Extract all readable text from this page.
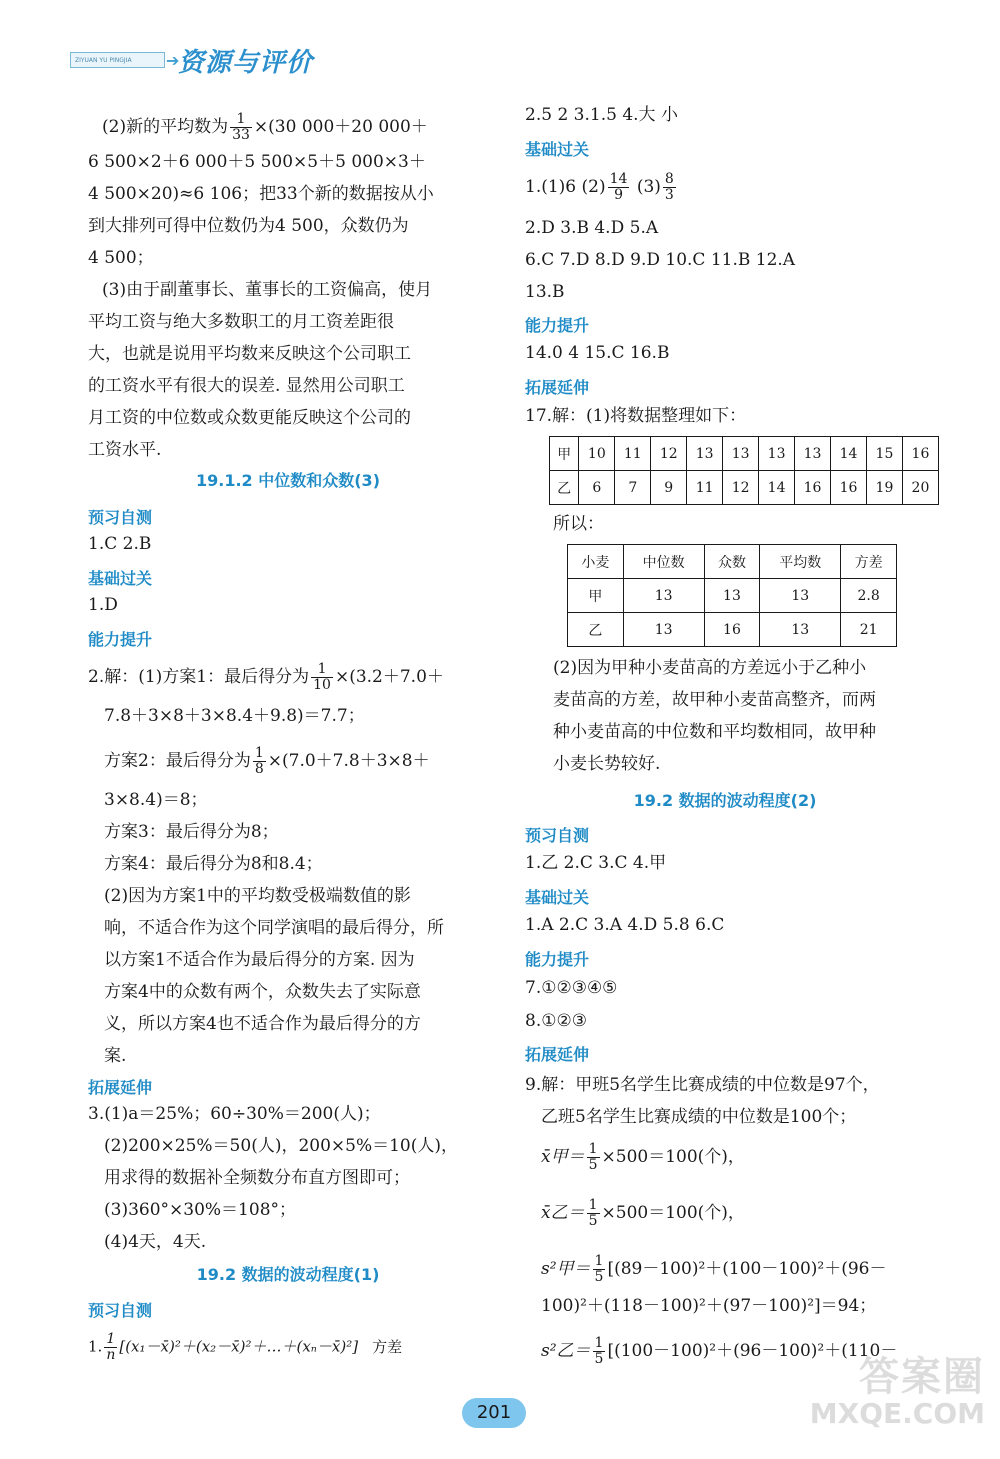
ZIYUAN YU PINGJIA	➔
资源与评价
(2)新的平均数为 $\frac{1}{33} \times(30$ 000＋20 000＋
6 500×2＋6 000＋5 500×5＋5 000×3＋
4 500×20)≈6 106；把33个新的数据按从小
到大排列可得中位数仍为4 500，众数仍为
4 500；
(3)由于副董事长、董事长的工资偏高，使月
平均工资与绝大多数职工的月工资差距很
大，也就是说用平均数来反映这个公司职工
的工资水平有很大的误差. 显然用公司职工
月工资的中位数或众数更能反映这个公司的
工资水平.
19.1.2 中位数和众数(3)
预习自测
1.C 2.B
基础过关
1.D
能力提升
2.解：(1)方案1：最后得分为 $\frac{1}{10} \times(3.2+7.0+$
7.8＋3×8＋3×8.4＋9.8)＝7.7；
方案2：最后得分为 $\frac{1}{8} \times(7.0+7.8+3\times 8+$
3×8.4)＝8；
方案3：最后得分为8；
方案4：最后得分为8和8.4；
(2)因为方案1中的平均数受极端数值的影
响，不适合作为这个同学演唱的最后得分，所
以方案1不适合作为最后得分的方案. 因为
方案4中的众数有两个，众数失去了实际意
义，所以方案4也不适合作为最后得分的方
案.
拓展延伸
3.(1)a＝25%；60÷30%＝200(人)；
(2)200×25%＝50(人)，200×5%＝10(人)，
用求得的数据补全频数分布直方图即可；
(3)360°×30%＝108°；
(4)4天，4天.
19.2 数据的波动程度(1)
预习自测
1. $\frac{1}{n}$ [(x₁－x̄)²＋(x₂－x̄)²＋…＋(xₙ－x̄)²] 方差
2.5 2 3.1.5 4.大 小
基础过关
1.(1)6 $(2) \frac{14}{9} (3) \frac{8}{3}$
2.D 3.B 4.D 5.A
6.C 7.D 8.D 9.D 10.C 11.B 12.A
13.B
能力提升
14.0 4 15.C 16.B
拓展延伸
17.解：(1)将数据整理如下：
甲	10	11	12	13	13	13	13	14	15	16
乙	6	7	9	11	12	14	16	16	19	20
所以：
小麦	中位数	众数	平均数	方差
甲	13	13	13	2.8
乙	13	16	13	21
(2)因为甲种小麦苗高的方差远小于乙种小
麦苗高的方差，故甲种小麦苗高整齐，而两
种小麦苗高的中位数和平均数相同，故甲种
小麦长势较好.
19.2 数据的波动程度(2)
预习自测
1.乙 2.C 3.C 4.甲
基础过关
1.A 2.C 3.A 4.D 5.8 6.C
能力提升
7.①②③④⑤
8.①②③
拓展延伸
9.解：甲班5名学生比赛成绩的中位数是97个，
乙班5名学生比赛成绩的中位数是100个；
x̄甲＝ $\frac{1}{5} \times 500=100$(个)，
x̄乙＝ $\frac{1}{5} \times 500=100$(个)，
s²甲＝ $\frac{1}{5} [(89-100)^2+(100-100)^2+(96-$
100)²＋(118－100)²＋(97－100)²]＝94；
s²乙＝ $\frac{1}{5} [(100-100)^2+(96-100)^2+(110-$
201
答案圈
MXQE.COM
